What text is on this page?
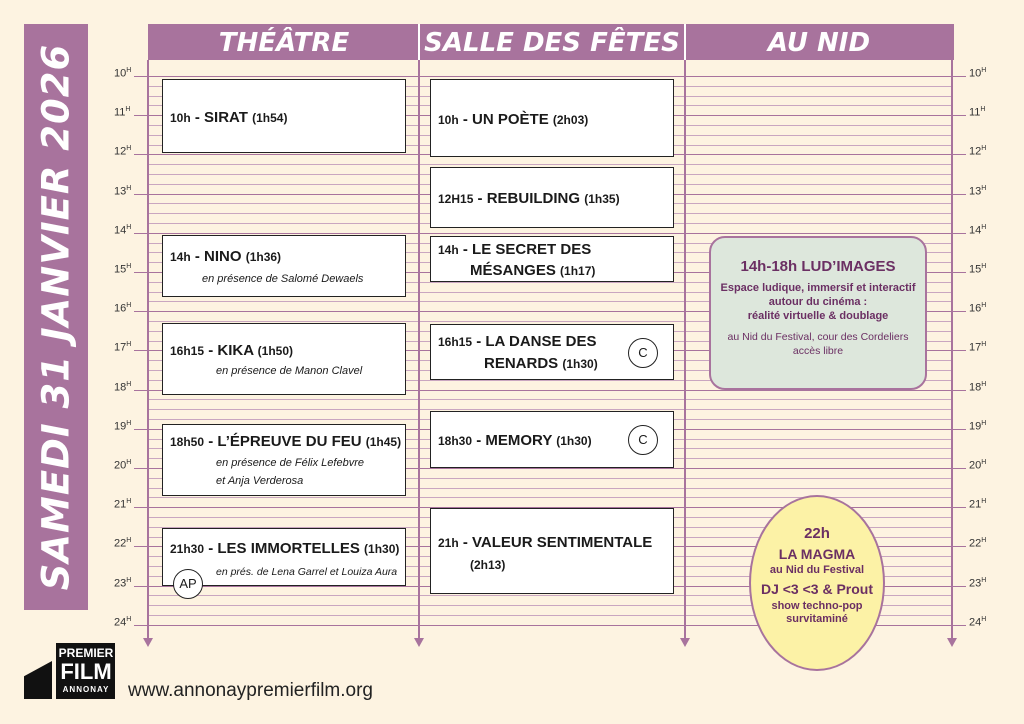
SAMEDI 31 JANVIER 2026
THÉÂTRE	SALLE DES FÊTES	AU NID
$10^H$	$10^H$
$11^H$	$11^H$
$12^H$	$12^H$
$13^H$	$13^H$
$14^H$	$14^H$
$15^H$	$15^H$
$16^H$	$16^H$
$17^H$	$17^H$
$18^H$	$18^H$
$19^H$	$19^H$
$20^H$	$20^H$
$21^H$	$21^H$
$22^H$	$22^H$
$23^H$	$23^H$
$24^H$	$24^H$
10h - SIRAT (1h54)
14h - NINO (1h36)
en présence de Salomé Dewaels
16h15 - KIKA (1h50)
en présence de Manon Clavel
18h50 - L’ÉPREUVE DU FEU (1h45)
en présence de Félix Lefebvre
et Anja Verderosa
21h30 - LES IMMORTELLES (1h30)
en prés. de Lena Garrel et Louiza Aura
AP
10h - UN POÈTE (2h03)
12H15 - REBUILDING (1h35)
14h - LE SECRET DES
MÉSANGES (1h17)
16h15 - LA DANSE DES
RENARDS (1h30)
C
18h30 - MEMORY (1h30)	C
21h - VALEUR SENTIMENTALE
(2h13)
14h-18h LUD’IMAGES
Espace ludique, immersif et interactif
autour du cinéma :
réalité virtuelle & doublage
au Nid du Festival, cour des Cordeliers
accès libre
22h
LA MAGMA
au Nid du Festival
DJ <3 <3 & Prout
show techno-pop
survitaminé
PREMIER
FILM
ANNONAY www.annonaypremierfilm.org
